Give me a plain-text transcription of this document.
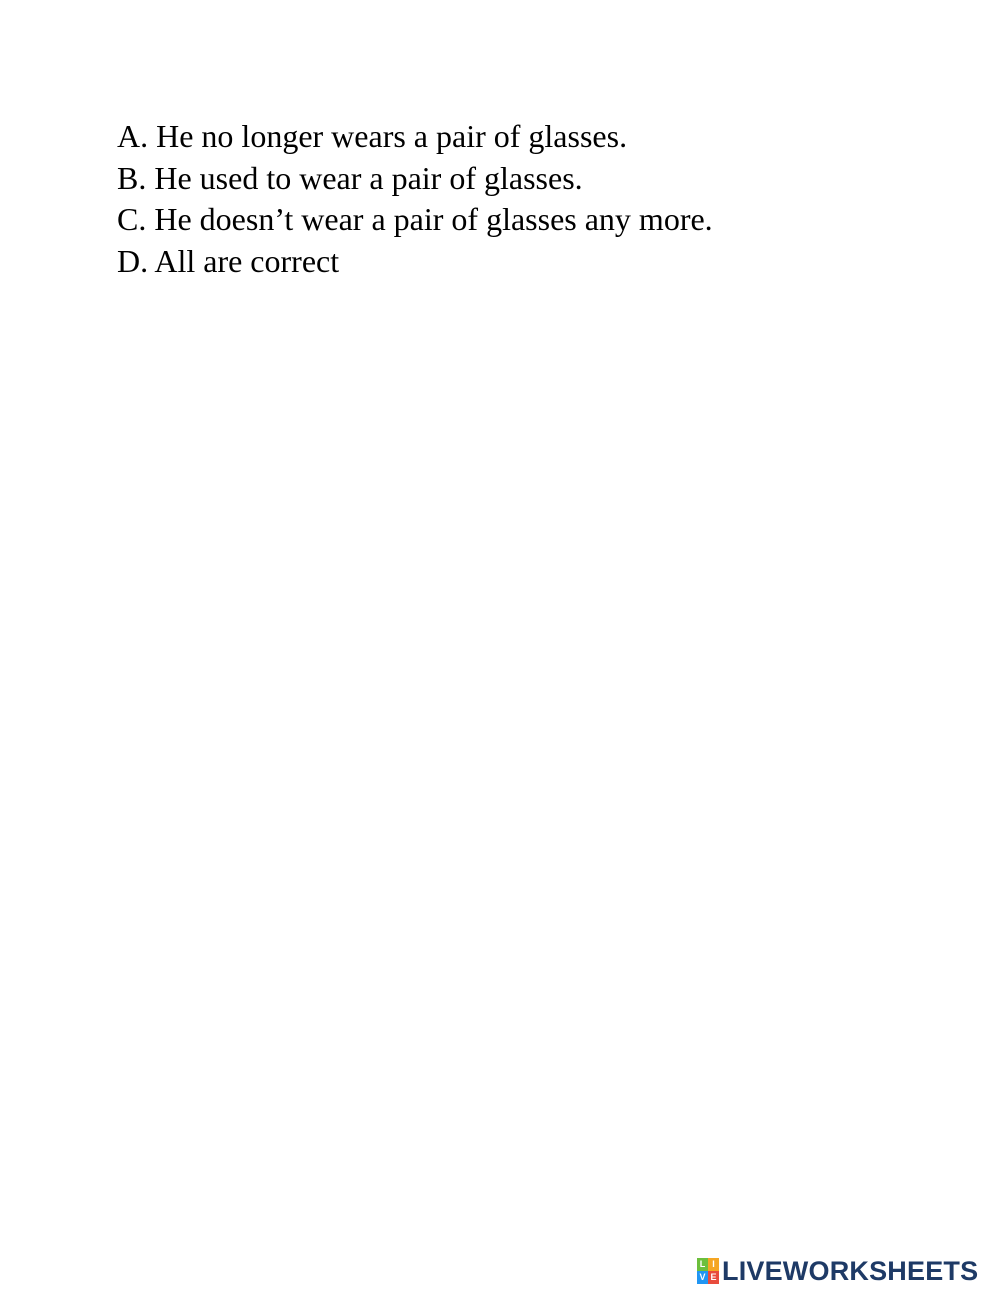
A. He no longer wears a pair of glasses.
B. He used to wear a pair of glasses.
C. He doesn’t wear a pair of glasses any more.
D. All are correct
L I
V E LIVEWORKSHEETS
